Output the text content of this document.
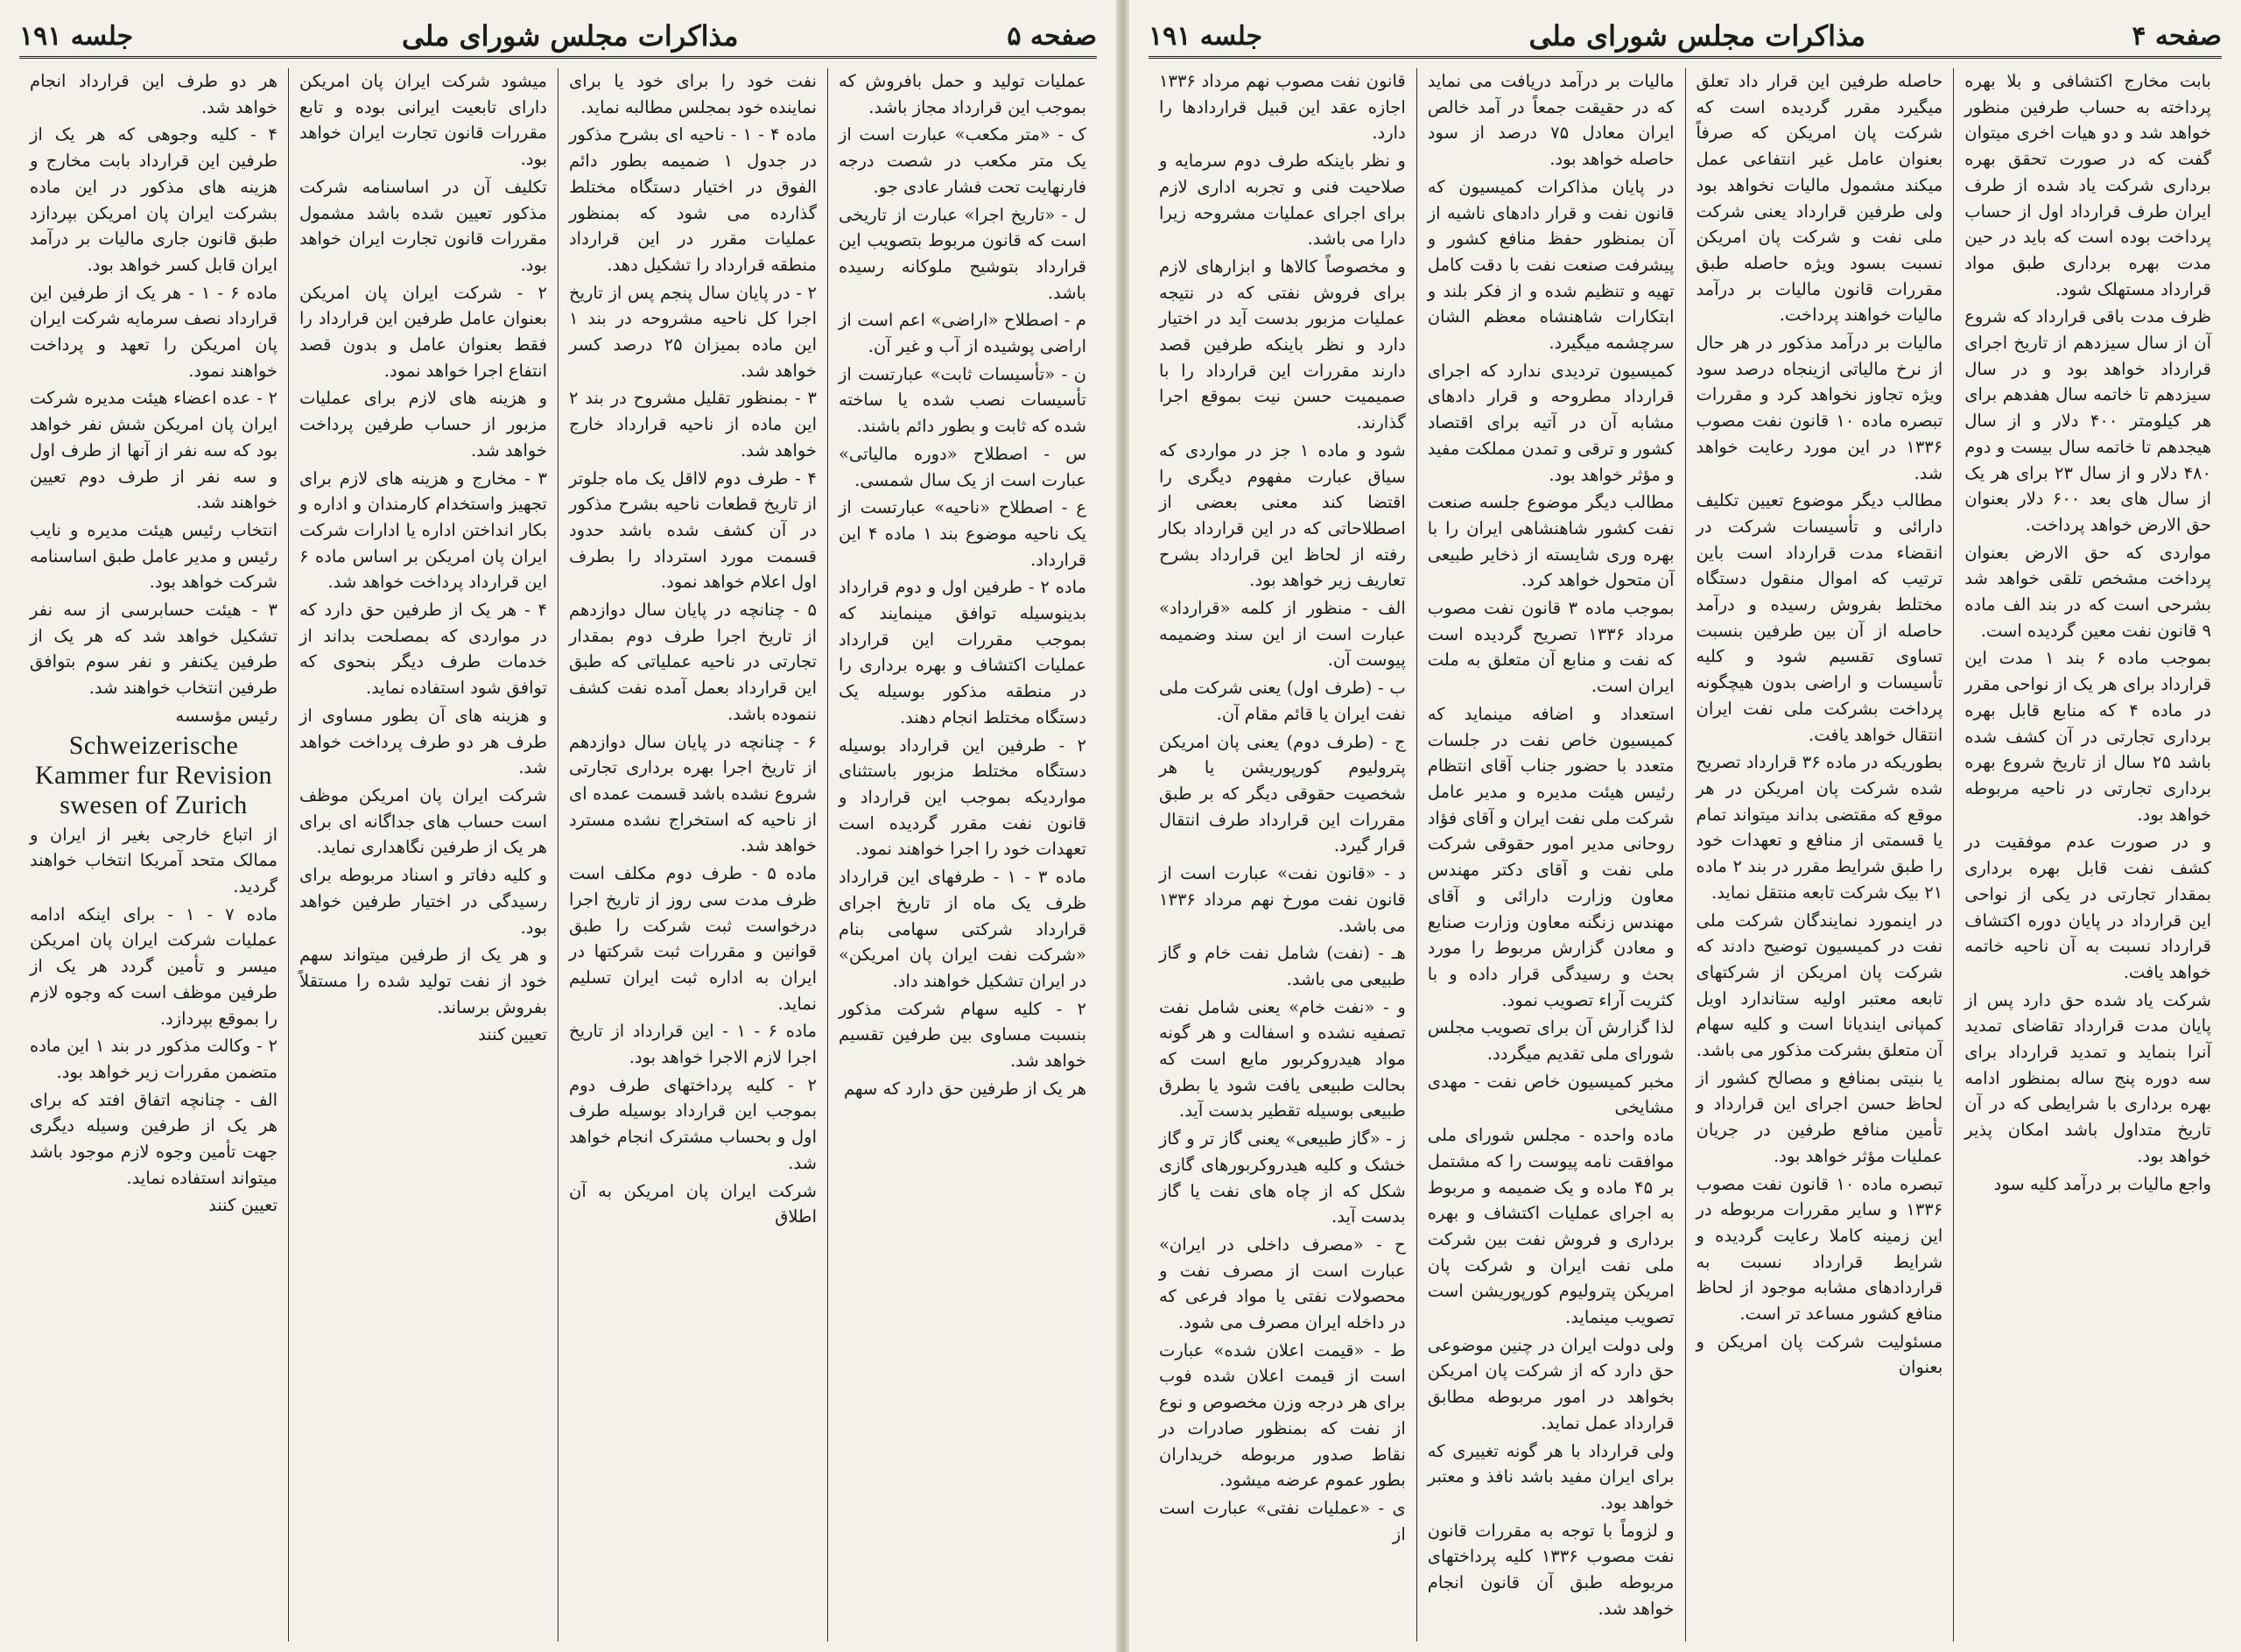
صفحه ۵
مذاکرات مجلس شورای ملی
جلسه ۱۹۱

عملیات تولید و حمل بافروش که بموجب این قرارداد مجاز باشد.

ک - «متر مکعب» عبارت است از یک متر مکعب در شصت درجه فارنهایت تحت فشار عادی جو.

ل - «تاریخ اجرا» عبارت از تاریخی است که قانون مربوط بتصویب این قرارداد بتوشیح ملوکانه رسیده باشد.

م - اصطلاح «اراضی» اعم است از اراضی پوشیده از آب و غیر آن.

ن - «تأسیسات ثابت» عبارتست از تأسیسات نصب شده یا ساخته شده که ثابت و بطور دائم باشند.

س - اصطلاح «دوره مالیاتی» عبارت است از یک سال شمسی.

ع - اصطلاح «ناحیه» عبارتست از یک ناحیه موضوع بند ۱ ماده ۴ این قرارداد.

ماده ۲ - طرفین اول و دوم قرارداد بدینوسیله توافق مینمایند که بموجب مقررات این قرارداد عملیات اکتشاف و بهره برداری را در منطقه مذکور بوسیله یک دستگاه مختلط انجام دهند.

۲ - طرفین این قرارداد بوسیله دستگاه مختلط مزبور باستثنای مواردیکه بموجب این قرارداد و قانون نفت مقرر گردیده است تعهدات خود را اجرا خواهند نمود.

ماده ۳ - ۱ - طرفهای این قرارداد ظرف یک ماه از تاریخ اجرای قرارداد شرکتی سهامی بنام «شرکت نفت ایران پان امریکن» در ایران تشکیل خواهند داد.

۲ - کلیه سهام شرکت مذکور بنسبت مساوی بین طرفین تقسیم خواهد شد.

هر یک از طرفین حق دارد که سهم

نفت خود را برای خود یا برای نماینده خود بمجلس مطالبه نماید.

ماده ۴ - ۱ - ناحیه ای بشرح مذکور در جدول ۱ ضمیمه بطور دائم الفوق در اختیار دستگاه مختلط گذارده می شود که بمنظور عملیات مقرر در این قرارداد منطقه قرارداد را تشکیل دهد.

۲ - در پایان سال پنجم پس از تاریخ اجرا کل ناحیه مشروحه در بند ۱ این ماده بمیزان ۲۵ درصد کسر خواهد شد.

۳ - بمنظور تقلیل مشروح در بند ۲ این ماده از ناحیه قرارداد خارج خواهد شد.

۴ - طرف دوم لااقل یک ماه جلوتر از تاریخ قطعات ناحیه بشرح مذکور در آن کشف شده باشد حدود قسمت مورد استرداد را بطرف اول اعلام خواهد نمود.

۵ - چنانچه در پایان سال دوازدهم از تاریخ اجرا طرف دوم بمقدار تجارتی در ناحیه عملیاتی که طبق این قرارداد بعمل آمده نفت کشف ننموده باشد.

۶ - چنانچه در پایان سال دوازدهم از تاریخ اجرا بهره برداری تجارتی شروع نشده باشد قسمت عمده ای از ناحیه که استخراج نشده مسترد خواهد شد.

ماده ۵ - طرف دوم مکلف است ظرف مدت سی روز از تاریخ اجرا درخواست ثبت شرکت را طبق قوانین و مقررات ثبت شرکتها در ایران به اداره ثبت ایران تسلیم نماید.

ماده ۶ - ۱ - این قرارداد از تاریخ اجرا لازم الاجرا خواهد بود.

۲ - کلیه پرداختهای طرف دوم بموجب این قرارداد بوسیله طرف اول و بحساب مشترک انجام خواهد شد.

شرکت ایران پان امریکن به آن اطلاق

میشود شرکت ایران پان امریکن دارای تابعیت ایرانی بوده و تابع مقررات قانون تجارت ایران خواهد بود.

تکلیف آن در اساسنامه شرکت مذکور تعیین شده باشد مشمول مقررات قانون تجارت ایران خواهد بود.

۲ - شرکت ایران پان امریکن بعنوان عامل طرفین این قرارداد را فقط بعنوان عامل و بدون قصد انتفاع اجرا خواهد نمود.

و هزینه های لازم برای عملیات مزبور از حساب طرفین پرداخت خواهد شد.

۳ - مخارج و هزینه های لازم برای تجهیز واستخدام کارمندان و اداره و بکار انداختن اداره یا ادارات شرکت ایران پان امریکن بر اساس ماده ۶ این قرارداد پرداخت خواهد شد.

۴ - هر یک از طرفین حق دارد که در مواردی که بمصلحت بداند از خدمات طرف دیگر بنحوی که توافق شود استفاده نماید.

و هزینه های آن بطور مساوی از طرف هر دو طرف پرداخت خواهد شد.

شرکت ایران پان امریکن موظف است حساب های جداگانه ای برای هر یک از طرفین نگاهداری نماید.

و کلیه دفاتر و اسناد مربوطه برای رسیدگی در اختیار طرفین خواهد بود.

و هر یک از طرفین میتواند سهم خود از نفت تولید شده را مستقلاً بفروش برساند.

تعیین کنند

هر دو طرف این قرارداد انجام خواهد شد.

۴ - کلیه وجوهی که هر یک از طرفین این قرارداد بابت مخارج و هزینه های مذکور در این ماده بشرکت ایران پان امریکن بپردازد طبق قانون جاری مالیات بر درآمد ایران قابل کسر خواهد بود.

ماده ۶ - ۱ - هر یک از طرفین این قرارداد نصف سرمایه شرکت ایران پان امریکن را تعهد و پرداخت خواهند نمود.

۲ - عده اعضاء هیئت مدیره شرکت ایران پان امریکن شش نفر خواهد بود که سه نفر از آنها از طرف اول و سه نفر از طرف دوم تعیین خواهند شد.

انتخاب رئیس هیئت مدیره و نایب رئیس و مدیر عامل طبق اساسنامه شرکت خواهد بود.

۳ - هیئت حسابرسی از سه نفر تشکیل خواهد شد که هر یک از طرفین یکنفر و نفر سوم بتوافق طرفین انتخاب خواهند شد.

رئیس مؤسسه

Schweizerische Kammer fur Revision swesen of Zurich

از اتباع خارجی بغیر از ایران و ممالک متحد آمریکا انتخاب خواهند گردید.

ماده ۷ - ۱ - برای اینکه ادامه عملیات شرکت ایران پان امریکن میسر و تأمین گردد هر یک از طرفین موظف است که وجوه لازم را بموقع بپردازد.

۲ - وکالت مذکور در بند ۱ این ماده متضمن مقررات زیر خواهد بود.

الف - چنانچه اتفاق افتد که برای هر یک از طرفین وسیله دیگری جهت تأمین وجوه لازم موجود باشد میتواند استفاده نماید.

تعیین کنند

صفحه ۴
مذاکرات مجلس شورای ملی
جلسه ۱۹۱

بابت مخارج اکتشافی و بلا بهره پرداخته به حساب طرفین منظور خواهد شد و دو هیات اخری میتوان گفت که در صورت تحقق بهره برداری شرکت یاد شده از طرف ایران طرف قرارداد اول از حساب پرداخت بوده است که باید در حین مدت بهره برداری طبق مواد قرارداد مستهلک شود.

ظرف مدت باقی قرارداد که شروع آن از سال سیزدهم از تاریخ اجرای قرارداد خواهد بود و در سال سیزدهم تا خاتمه سال هفدهم برای هر کیلومتر ۴۰۰ دلار و از سال هیجدهم تا خاتمه سال بیست و دوم ۴۸۰ دلار و از سال ۲۳ برای هر یک از سال های بعد ۶۰۰ دلار بعنوان حق الارض خواهد پرداخت.

مواردی که حق الارض بعنوان پرداخت مشخص تلقی خواهد شد بشرحی است که در بند الف ماده ۹ قانون نفت معین گردیده است.

بموجب ماده ۶ بند ۱ مدت این قرارداد برای هر یک از نواحی مقرر در ماده ۴ که منابع قابل بهره برداری تجارتی در آن کشف شده باشد ۲۵ سال از تاریخ شروع بهره برداری تجارتی در ناحیه مربوطه خواهد بود.

و در صورت عدم موفقیت در کشف نفت قابل بهره برداری بمقدار تجارتی در یکی از نواحی این قرارداد در پایان دوره اکتشاف قرارداد نسبت به آن ناحیه خاتمه خواهد یافت.

شرکت یاد شده حق دارد پس از پایان مدت قرارداد تقاضای تمدید آنرا بنماید و تمدید قرارداد برای سه دوره پنج ساله بمنظور ادامه بهره برداری با شرایطی که در آن تاریخ متداول باشد امکان پذیر خواهد بود.

واجع مالیات بر درآمد کلیه سود

حاصله طرفین این قرار داد تعلق میگیرد مقرر گردیده است که شرکت پان امریکن که صرفاً بعنوان عامل غیر انتفاعی عمل میکند مشمول مالیات نخواهد بود ولی طرفین قرارداد یعنی شرکت ملی نفت و شرکت پان امریکن نسبت بسود ویژه حاصله طبق مقررات قانون مالیات بر درآمد مالیات خواهند پرداخت.

مالیات بر درآمد مذکور در هر حال از نرخ مالیاتی ازینجاه درصد سود ویژه تجاوز نخواهد کرد و مقررات تبصره ماده ۱۰ قانون نفت مصوب ۱۳۳۶ در این مورد رعایت خواهد شد.

مطالب دیگر موضوع تعیین تکلیف دارائی و تأسیسات شرکت در انقضاء مدت قرارداد است باین ترتیب که اموال منقول دستگاه مختلط بفروش رسیده و درآمد حاصله از آن بین طرفین بنسبت تساوی تقسیم شود و کلیه تأسیسات و اراضی بدون هیچگونه پرداخت بشرکت ملی نفت ایران انتقال خواهد یافت.

بطوریکه در ماده ۳۶ قرارداد تصریح شده شرکت پان امریکن در هر موقع که مقتضی بداند میتواند تمام یا قسمتی از منافع و تعهدات خود را طبق شرایط مقرر در بند ۲ ماده ۲۱ بیک شرکت تابعه منتقل نماید.

در اینمورد نمایندگان شرکت ملی نفت در کمیسیون توضیح دادند که شرکت پان امریکن از شرکتهای تابعه معتبر اولیه ستاندارد اویل کمپانی ایندیانا است و کلیه سهام آن متعلق بشرکت مذکور می باشد.

یا بنیتی بمنافع و مصالح کشور از لحاظ حسن اجرای این قرارداد و تأمین منافع طرفین در جریان عملیات مؤثر خواهد بود.

تبصره ماده ۱۰ قانون نفت مصوب ۱۳۳۶ و سایر مقررات مربوطه در این زمینه کاملا رعایت گردیده و شرایط قرارداد نسبت به قراردادهای مشابه موجود از لحاظ منافع کشور مساعد تر است.

مسئولیت شرکت پان امریکن و بعنوان

مالیات بر درآمد دریافت می نماید که در حقیقت جمعاً در آمد خالص ایران معادل ۷۵ درصد از سود حاصله خواهد بود.

در پایان مذاکرات کمیسیون که قانون نفت و قرار دادهای ناشیه از آن بمنظور حفظ منافع کشور و پیشرفت صنعت نفت با دقت کامل تهیه و تنظیم شده و از فکر بلند و ابتکارات شاهنشاه معظم الشان سرچشمه میگیرد.

کمیسیون تردیدی ندارد که اجرای قرارداد مطروحه و قرار دادهای مشابه آن در آتیه برای اقتصاد کشور و ترقی و تمدن مملکت مفید و مؤثر خواهد بود.

مطالب دیگر موضوع جلسه صنعت نفت کشور شاهنشاهی ایران را با بهره وری شایسته از ذخایر طبیعی آن متحول خواهد کرد.

بموجب ماده ۳ قانون نفت مصوب مرداد ۱۳۳۶ تصریح گردیده است که نفت و منابع آن متعلق به ملت ایران است.

استعداد و اضافه مینماید که کمیسیون خاص نفت در جلسات متعدد با حضور جناب آقای انتظام رئیس هیئت مدیره و مدیر عامل شرکت ملی نفت ایران و آقای فؤاد روحانی مدیر امور حقوقی شرکت ملی نفت و آقای دکتر مهندس معاون وزارت دارائی و آقای مهندس زنگنه معاون وزارت صنایع و معادن گزارش مربوط را مورد بحث و رسیدگی قرار داده و با کثریت آراء تصویب نمود.

لذا گزارش آن برای تصویب مجلس شورای ملی تقدیم میگردد.

مخبر کمیسیون خاص نفت - مهدی مشایخی

ماده واحده - مجلس شورای ملی موافقت نامه پیوست را که مشتمل بر ۴۵ ماده و یک ضمیمه و مربوط به اجرای عملیات اکتشاف و بهره برداری و فروش نفت بین شرکت ملی نفت ایران و شرکت پان امریکن پترولیوم کورپوریشن است تصویب مینماید.

ولی دولت ایران در چنین موضوعی حق دارد که از شرکت پان امریکن بخواهد در امور مربوطه مطابق قرارداد عمل نماید.

ولی قرارداد با هر گونه تغییری که برای ایران مفید باشد نافذ و معتبر خواهد بود.

و لزوماً با توجه به مقررات قانون نفت مصوب ۱۳۳۶ کلیه پرداختهای مربوطه طبق آن قانون انجام خواهد شد.

قانون نفت مصوب نهم مرداد ۱۳۳۶ اجازه عقد این قبیل قراردادها را دارد.

و نظر باینکه طرف دوم سرمایه و صلاحیت فنی و تجربه اداری لازم برای اجرای عملیات مشروحه زیرا دارا می باشد.

و مخصوصاً کالاها و ابزارهای لازم برای فروش نفتی که در نتیجه عملیات مزبور بدست آید در اختیار دارد و نظر باینکه طرفین قصد دارند مقررات این قرارداد را با صمیمیت حسن نیت بموقع اجرا گذارند.

شود و ماده ۱ جز در مواردی که سیاق عبارت مفهوم دیگری را اقتضا کند معنی بعضی از اصطلاحاتی که در این قرارداد بکار رفته از لحاظ این قرارداد بشرح تعاریف زیر خواهد بود.

الف - منظور از کلمه «قرارداد» عبارت است از این سند وضمیمه پیوست آن.

ب - (طرف اول) یعنی شرکت ملی نفت ایران یا قائم مقام آن.

ج - (طرف دوم) یعنی پان امریکن پترولیوم کورپوریشن یا هر شخصیت حقوقی دیگر که بر طبق مقررات این قرارداد طرف انتقال قرار گیرد.

د - «قانون نفت» عبارت است از قانون نفت مورخ نهم مرداد ۱۳۳۶ می باشد.

هـ - (نفت) شامل نفت خام و گاز طبیعی می باشد.

و - «نفت خام» یعنی شامل نفت تصفیه نشده و اسفالت و هر گونه مواد هیدروکربور مایع است که بحالت طبیعی یافت شود یا بطرق طبیعی بوسیله تقطیر بدست آید.

ز - «گاز طبیعی» یعنی گاز تر و گاز خشک و کلیه هیدروکربورهای گازی شکل که از چاه های نفت یا گاز بدست آید.

ح - «مصرف داخلی در ایران» عبارت است از مصرف نفت و محصولات نفتی یا مواد فرعی که در داخله ایران مصرف می شود.

ط - «قیمت اعلان شده» عبارت است از قیمت اعلان شده فوب برای هر درجه وزن مخصوص و نوع از نفت که بمنظور صادرات در نقاط صدور مربوطه خریداران بطور عموم عرضه میشود.

ی - «عملیات نفتی» عبارت است از
